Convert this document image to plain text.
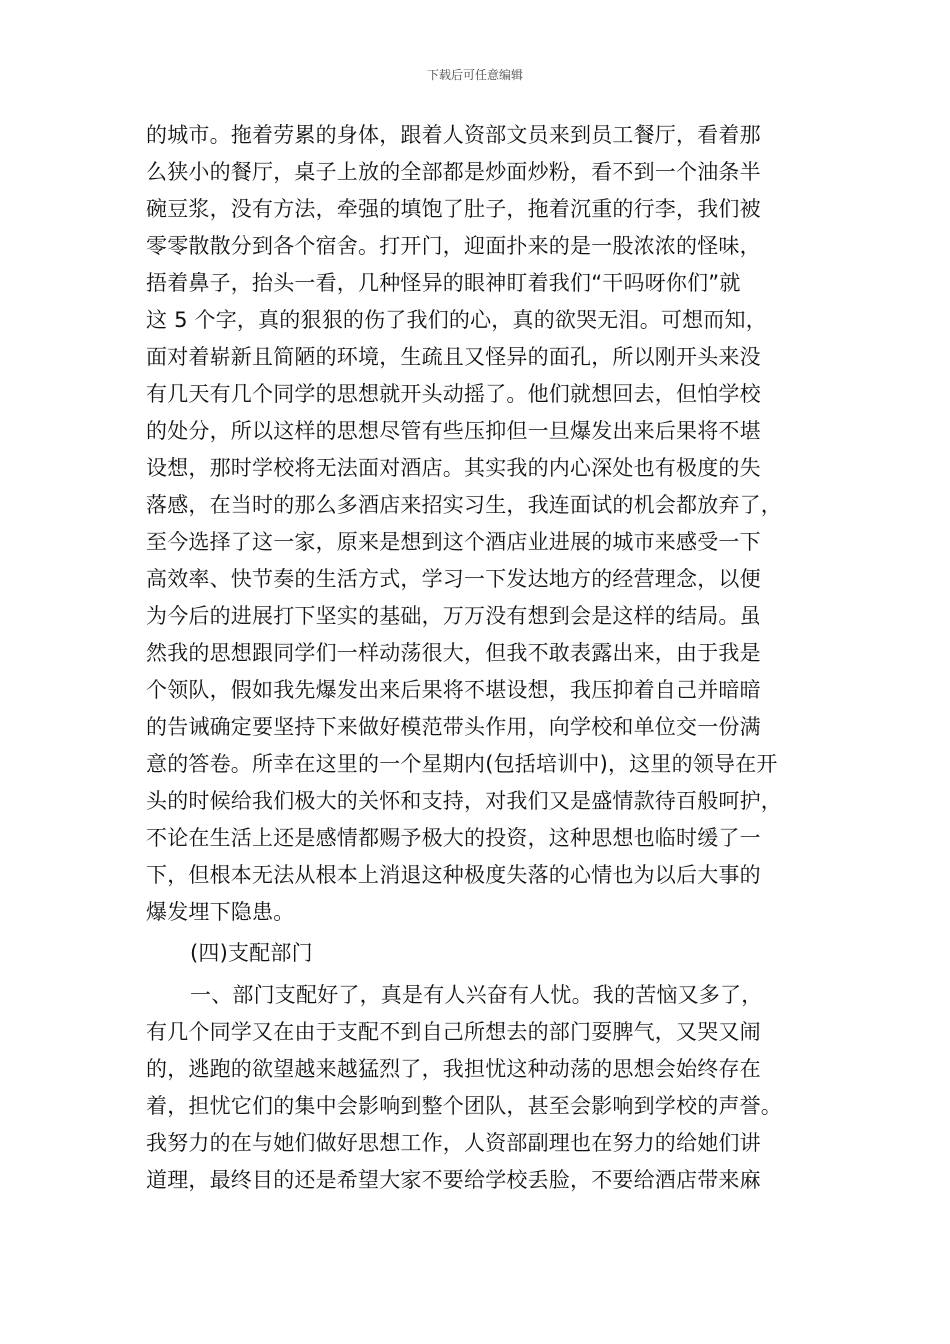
下载后可任意编辑
的城市。拖着劳累的身体，跟着人资部文员来到员工餐厅，看着那
么狭小的餐厅，桌子上放的全部都是炒面炒粉，看不到一个油条半
碗豆浆，没有方法，牵强的填饱了肚子，拖着沉重的行李，我们被
零零散散分到各个宿舍。打开门，迎面扑来的是一股浓浓的怪味，
捂着鼻子，抬头一看，几种怪异的眼神盯着我们“干吗呀你们”就
这 5 个字，真的狠狠的伤了我们的心，真的欲哭无泪。可想而知，
面对着崭新且简陋的环境，生疏且又怪异的面孔，所以刚开头来没
有几天有几个同学的思想就开头动摇了。他们就想回去，但怕学校
的处分，所以这样的思想尽管有些压抑但一旦爆发出来后果将不堪
设想，那时学校将无法面对酒店。其实我的内心深处也有极度的失
落感，在当时的那么多酒店来招实习生，我连面试的机会都放弃了，
至今选择了这一家，原来是想到这个酒店业进展的城市来感受一下
高效率、快节奏的生活方式，学习一下发达地方的经营理念，以便
为今后的进展打下坚实的基础，万万没有想到会是这样的结局。虽
然我的思想跟同学们一样动荡很大，但我不敢表露出来，由于我是
个领队，假如我先爆发出来后果将不堪设想，我压抑着自己并暗暗
的告诫确定要坚持下来做好模范带头作用，向学校和单位交一份满
意的答卷。所幸在这里的一个星期内(包括培训中)，这里的领导在开
头的时候给我们极大的关怀和支持，对我们又是盛情款待百般呵护，
不论在生活上还是感情都赐予极大的投资，这种思想也临时缓了一
下，但根本无法从根本上消退这种极度失落的心情也为以后大事的
爆发埋下隐患。
(四)支配部门
一、部门支配好了，真是有人兴奋有人忧。我的苦恼又多了，
有几个同学又在由于支配不到自己所想去的部门耍脾气，又哭又闹
的，逃跑的欲望越来越猛烈了，我担忧这种动荡的思想会始终存在
着，担忧它们的集中会影响到整个团队，甚至会影响到学校的声誉。
我努力的在与她们做好思想工作，人资部副理也在努力的给她们讲
道理，最终目的还是希望大家不要给学校丢脸，不要给酒店带来麻
